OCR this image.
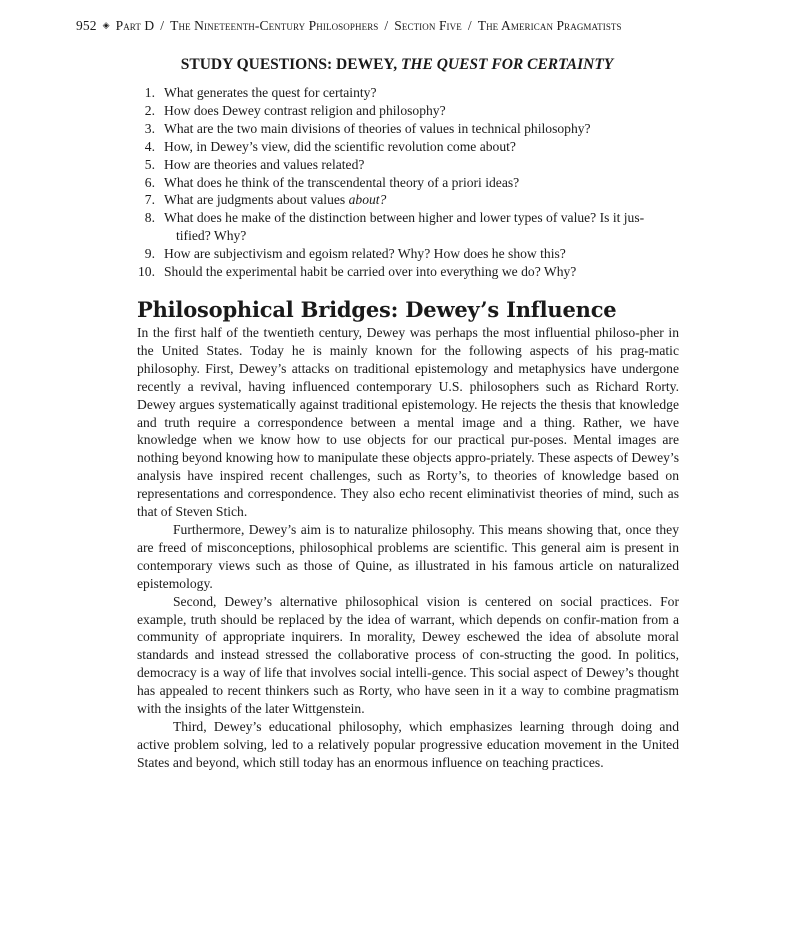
952 ◈ Part D / The Nineteenth-Century Philosophers / Section Five / The American Pragmatists
STUDY QUESTIONS: DEWEY, THE QUEST FOR CERTAINTY
1. What generates the quest for certainty?
2. How does Dewey contrast religion and philosophy?
3. What are the two main divisions of theories of values in technical philosophy?
4. How, in Dewey’s view, did the scientific revolution come about?
5. How are theories and values related?
6. What does he think of the transcendental theory of a priori ideas?
7. What are judgments about values about?
8. What does he make of the distinction between higher and lower types of value? Is it jus-
tified? Why?
9. How are subjectivism and egoism related? Why? How does he show this?
10. Should the experimental habit be carried over into everything we do? Why?
Philosophical Bridges: Dewey’s Influence

In the first half of the twentieth century, Dewey was perhaps the most influential philoso-pher in the United States. Today he is mainly known for the following aspects of his prag-matic philosophy. First, Dewey’s attacks on traditional epistemology and metaphysics have undergone recently a revival, having influenced contemporary U.S. philosophers such as Richard Rorty. Dewey argues systematically against traditional epistemology. He rejects the thesis that knowledge and truth require a correspondence between a mental image and a thing. Rather, we have knowledge when we know how to use objects for our practical pur-poses. Mental images are nothing beyond knowing how to manipulate these objects appro-priately. These aspects of Dewey’s analysis have inspired recent challenges, such as Rorty’s, to theories of knowledge based on representations and correspondence. They also echo recent eliminativist theories of mind, such as that of Steven Stich.

Furthermore, Dewey’s aim is to naturalize philosophy. This means showing that, once they are freed of misconceptions, philosophical problems are scientific. This general aim is present in contemporary views such as those of Quine, as illustrated in his famous article on naturalized epistemology.

Second, Dewey’s alternative philosophical vision is centered on social practices. For example, truth should be replaced by the idea of warrant, which depends on confir-mation from a community of appropriate inquirers. In morality, Dewey eschewed the idea of absolute moral standards and instead stressed the collaborative process of con-structing the good. In politics, democracy is a way of life that involves social intelli-gence. This social aspect of Dewey’s thought has appealed to recent thinkers such as Rorty, who have seen in it a way to combine pragmatism with the insights of the later Wittgenstein.

Third, Dewey’s educational philosophy, which emphasizes learning through doing and active problem solving, led to a relatively popular progressive education movement in the United States and beyond, which still today has an enormous influence on teaching practices.
